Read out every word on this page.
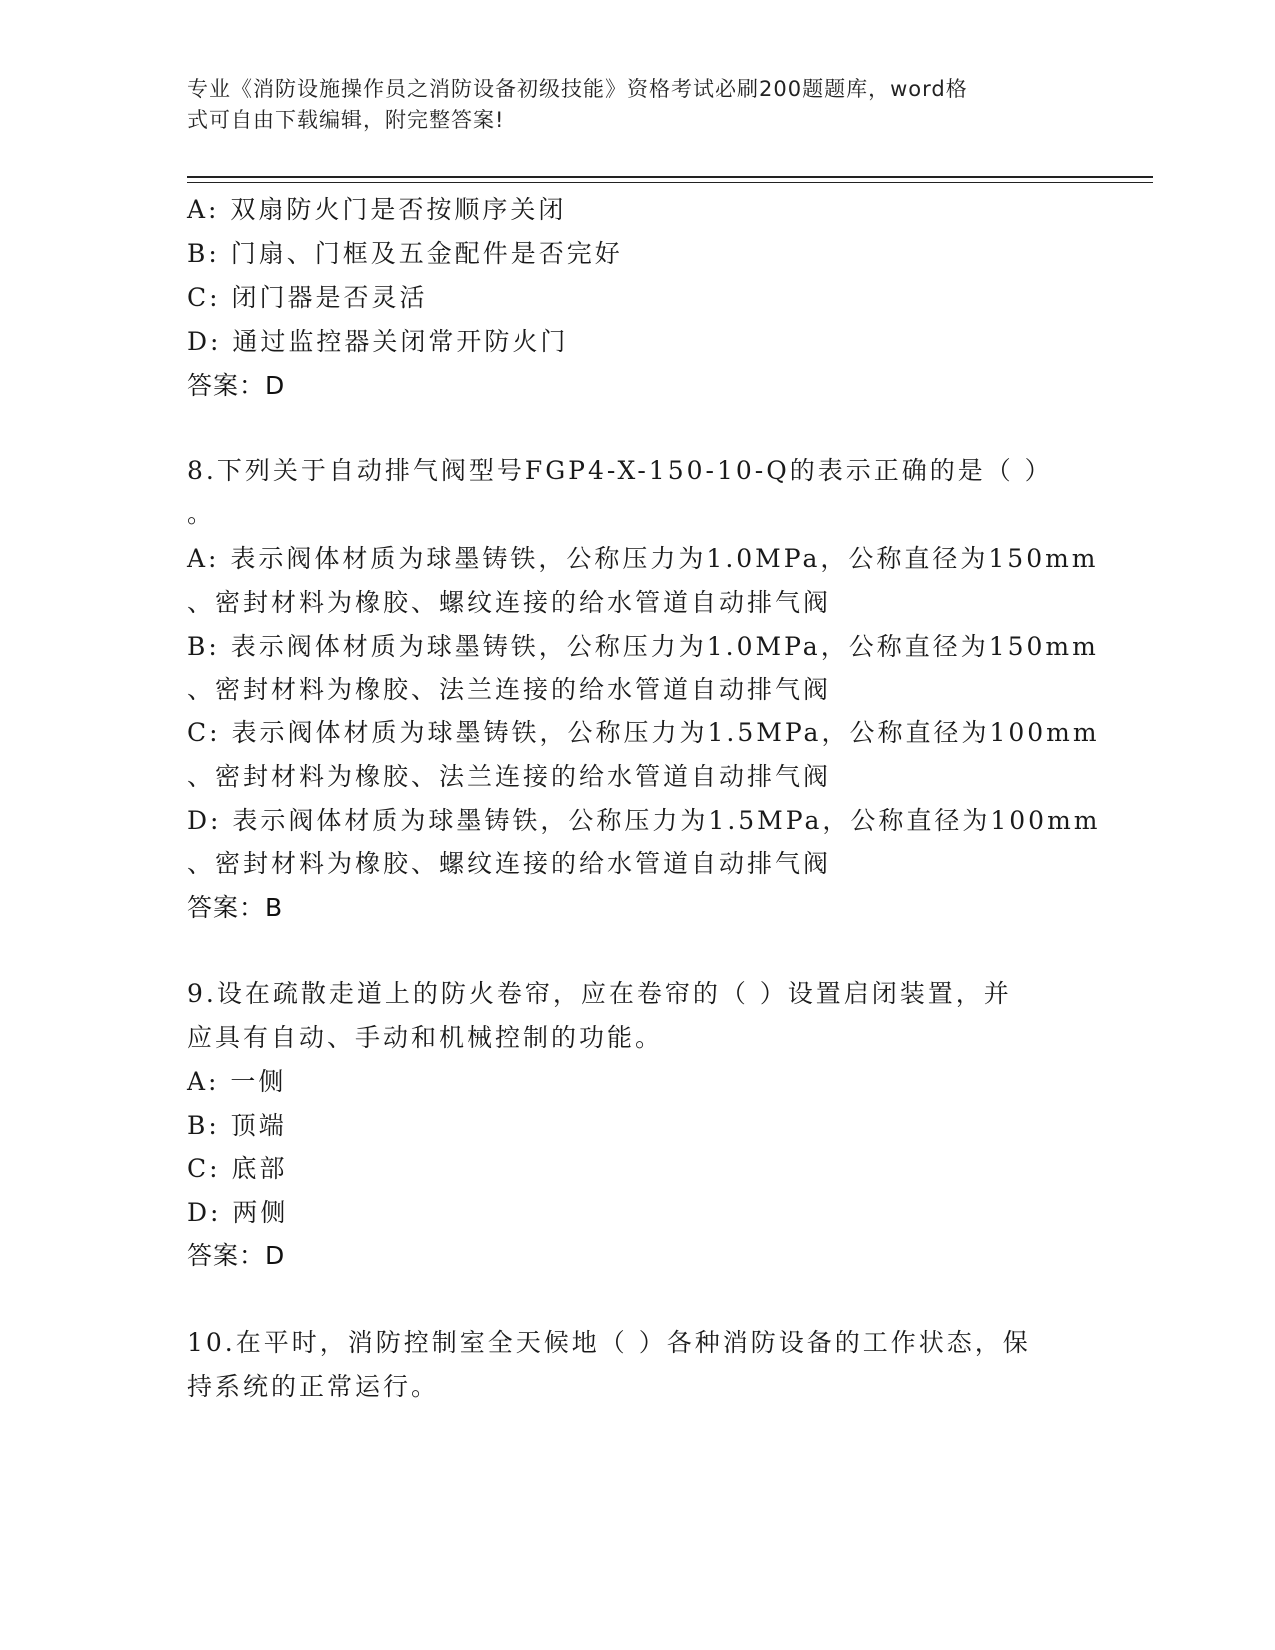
专业《消防设施操作员之消防设备初级技能》资格考试必刷200题题库，word格
式可自由下载编辑，附完整答案!
A: 双扇防火门是否按顺序关闭
B: 门扇、门框及五金配件是否完好
C: 闭门器是否灵活
D: 通过监控器关闭常开防火门
答案：D
8.下列关于自动排气阀型号FGP4-X-150-10-Q的表示正确的是（ ）
。
A: 表示阀体材质为球墨铸铁，公称压力为1.0MPa，公称直径为150mm
、密封材料为橡胶、螺纹连接的给水管道自动排气阀
B: 表示阀体材质为球墨铸铁，公称压力为1.0MPa，公称直径为150mm
、密封材料为橡胶、法兰连接的给水管道自动排气阀
C: 表示阀体材质为球墨铸铁，公称压力为1.5MPa，公称直径为100mm
、密封材料为橡胶、法兰连接的给水管道自动排气阀
D: 表示阀体材质为球墨铸铁，公称压力为1.5MPa，公称直径为100mm
、密封材料为橡胶、螺纹连接的给水管道自动排气阀
答案：B
9.设在疏散走道上的防火卷帘，应在卷帘的（ ）设置启闭装置，并
应具有自动、手动和机械控制的功能。
A: 一侧
B: 顶端
C: 底部
D: 两侧
答案：D
10.在平时，消防控制室全天候地（ ）各种消防设备的工作状态，保
持系统的正常运行。
